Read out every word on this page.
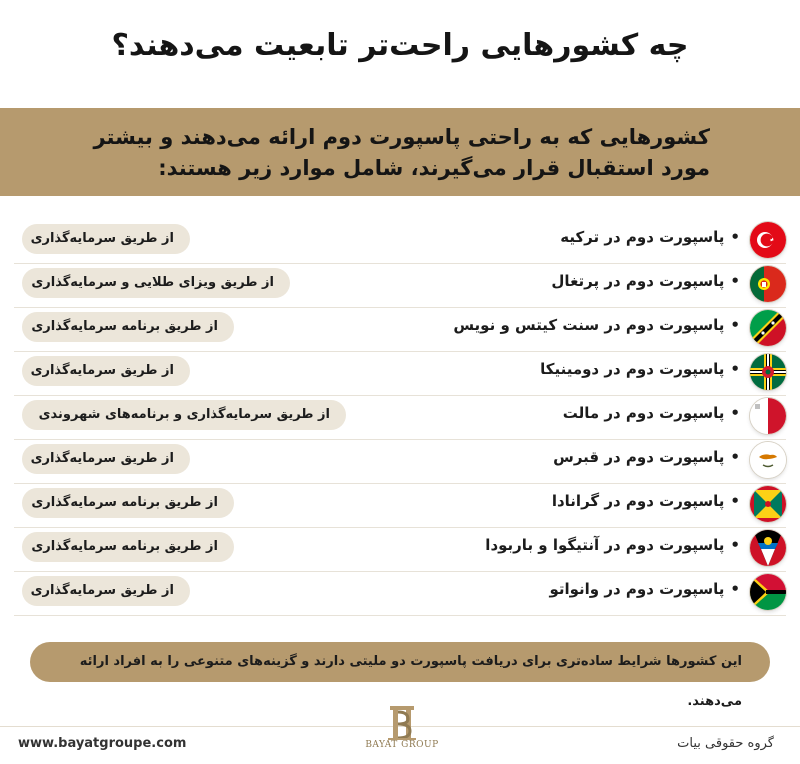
چه کشورهایی راحت‌تر تابعیت می‌دهند؟
کشورهایی که به راحتی پاسپورت دوم ارائه می‌دهند و بیشتر مورد استقبال قرار می‌گیرند، شامل موارد زیر هستند:
•پاسپورت دوم در ترکیه
از طریق سرمایه‌گذاری
•پاسپورت دوم در پرتغال
از طریق ویزای طلایی و سرمایه‌گذاری
•پاسپورت دوم در سنت کیتس و نویس
از طریق برنامه سرمایه‌گذاری
•پاسپورت دوم در دومینیکا
از طریق سرمایه‌گذاری
•پاسپورت دوم در مالت
از طریق سرمایه‌گذاری و برنامه‌های شهروندی
•پاسپورت دوم در قبرس
از طریق سرمایه‌گذاری
•پاسپورت دوم در گرانادا
از طریق برنامه سرمایه‌گذاری
•پاسپورت دوم در آنتیگوا و باربودا
از طریق برنامه سرمایه‌گذاری
•پاسپورت دوم در وانواتو
از طریق سرمایه‌گذاری
این کشورها شرایط ساده‌تری برای دریافت پاسپورت دو ملیتی دارند و گزینه‌های متنوعی را به افراد ارائه می‌دهند.
BAYAT GROUP
www.bayatgroupe.com	گروه حقوقی بیات
